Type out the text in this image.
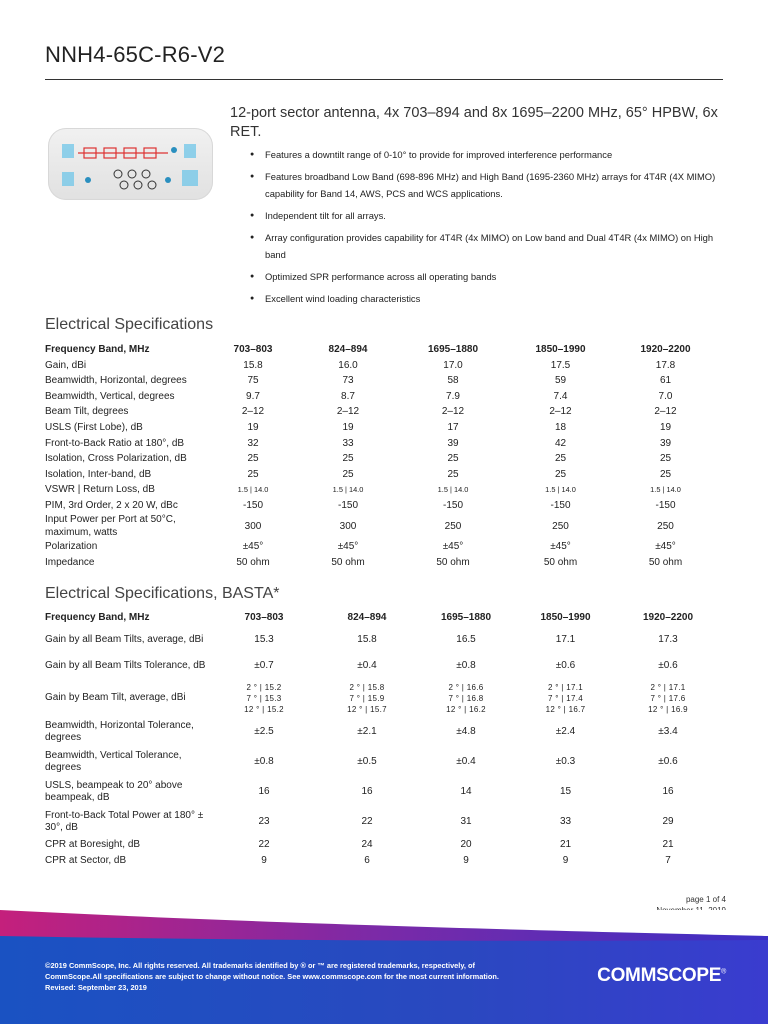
NNH4-65C-R6-V2
12-port sector antenna, 4x 703–894 and 8x 1695–2200 MHz, 65° HPBW, 6x RET.
● Features a downtilt range of 0-10° to provide for improved interference performance
● Features broadband Low Band (698-896 MHz) and High Band (1695-2360 MHz) arrays for 4T4R (4X MIMO) capability for Band 14, AWS, PCS and WCS applications.
● Independent tilt for all arrays.
● Array configuration provides capability for 4T4R (4x MIMO) on Low band and Dual 4T4R (4x MIMO) on High band
● Optimized SPR performance across all operating bands
● Excellent wind loading characteristics
Electrical Specifications
Frequency Band, MHz	703–803	824–894	1695–1880	1850–1990	1920–2200
Gain, dBi	15.8	16.0	17.0	17.5	17.8
Beamwidth, Horizontal, degrees	75	73	58	59	61
Beamwidth, Vertical, degrees	9.7	8.7	7.9	7.4	7.0
Beam Tilt, degrees	2–12	2–12	2–12	2–12	2–12
USLS (First Lobe), dB	19	19	17	18	19
Front-to-Back Ratio at 180°, dB	32	33	39	42	39
Isolation, Cross Polarization, dB	25	25	25	25	25
Isolation, Inter-band, dB	25	25	25	25	25
VSWR | Return Loss, dB	1.5 | 14.0	1.5 | 14.0	1.5 | 14.0	1.5 | 14.0	1.5 | 14.0
PIM, 3rd Order, 2 x 20 W, dBc	-150	-150	-150	-150	-150
Input Power per Port at 50°C, maximum, watts	300	300	250	250	250
Polarization	±45°	±45°	±45°	±45°	±45°
Impedance	50 ohm	50 ohm	50 ohm	50 ohm	50 ohm
Electrical Specifications, BASTA*
Frequency Band, MHz	703–803	824–894	1695–1880	1850–1990	1920–2200
Gain by all Beam Tilts, average, dBi	15.3	15.8	16.5	17.1	17.3
Gain by all Beam Tilts Tolerance, dB	±0.7	±0.4	±0.8	±0.6	±0.6
Gain by Beam Tilt, average, dBi	2 ° | 15.2
7 ° | 15.3
12 ° | 15.2	2 ° | 15.8
7 ° | 15.9
12 ° | 15.7	2 ° | 16.6
7 ° | 16.8
12 ° | 16.2	2 ° | 17.1
7 ° | 17.4
12 ° | 16.7	2 ° | 17.1
7 ° | 17.6
12 ° | 16.9

Beamwidth, Horizontal Tolerance, degrees	±2.5	±2.1	±4.8	±2.4	±3.4
Beamwidth, Vertical Tolerance, degrees	±0.8	±0.5	±0.4	±0.3	±0.6
USLS, beampeak to 20° above beampeak, dB	16	16	14	15	16
Front-to-Back Total Power at 180° ± 30°, dB	23	22	31	33	29
CPR at Boresight, dB	22	24	20	21	21
CPR at Sector, dB	9	6	9	9	7
page 1 of 4
©2019 CommScope, Inc. All rights reserved. All trademarks identified by ® or ™ are registered trademarks, respectively, of CommScope.All specifications are subject to change without notice. See www.commscope.com for the most current information. Revised: September 23, 2019
COMMSCOPE®
